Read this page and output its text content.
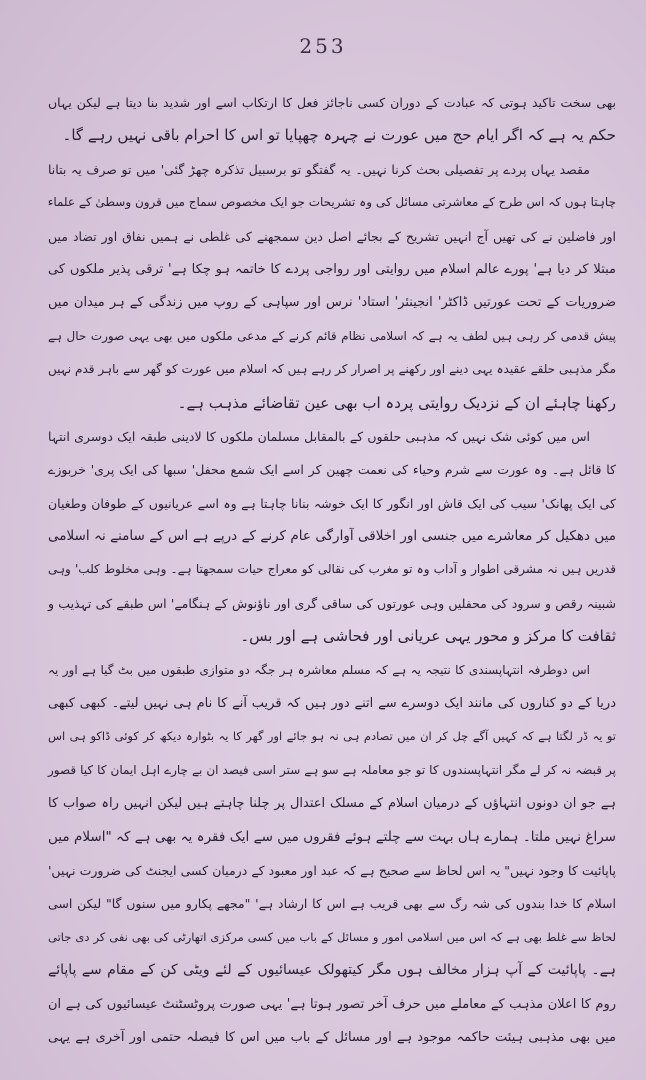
253
بھی سخت تاکید ہوتی کہ عبادت کے دوران کسی ناجائز فعل کا ارتکاب اسے اور شدید بنا دیتا ہے لیکن یہاں
حکم یہ ہے کہ اگر ایام حج میں عورت نے چہرہ چھپایا تو اس کا احرام باقی نہیں رہے گا۔
مقصد یہاں پردے پر تفصیلی بحث کرنا نہیں۔ یہ گفتگو تو برسبیل تذکرہ چھڑ گئی' میں تو صرف یہ بتانا
چاہتا ہوں کہ اس طرح کے معاشرتی مسائل کی وہ تشریحات جو ایک مخصوص سماج میں قرون وسطیٰ کے علماء
اور فاضلین نے کی تھیں آج انہیں تشریح کے بجائے اصل دین سمجھنے کی غلطی نے ہمیں نفاق اور تضاد میں
مبتلا کر دیا ہے' پورے عالم اسلام میں روایتی اور رواجی پردے کا خاتمہ ہو چکا ہے' ترقی پذیر ملکوں کی
ضروریات کے تحت عورتیں ڈاکٹر' انجینئر' استاد' نرس اور سپاہی کے روپ میں زندگی کے ہر میدان میں
پیش قدمی کر رہی ہیں لطف یہ ہے کہ اسلامی نظام قائم کرنے کے مدعی ملکوں میں بھی یہی صورت حال ہے
مگر مذہبی حلقے عقیدہ یہی دینے اور رکھنے پر اصرار کر رہے ہیں کہ اسلام میں عورت کو گھر سے باہر قدم نہیں
رکھنا چاہئے ان کے نزدیک روایتی پردہ اب بھی عین تقاضائے مذہب ہے۔
اس میں کوئی شک نہیں کہ مذہبی حلقوں کے بالمقابل مسلمان ملکوں کا لادینی طبقہ ایک دوسری انتہا
کا قائل ہے۔ وہ عورت سے شرم وحیاء کی نعمت چھین کر اسے ایک شمع محفل' سبھا کی ایک پری' خربوزے
کی ایک پھانک' سیب کی ایک قاش اور انگور کا ایک خوشہ بنانا چاہتا ہے وہ اسے عریانیوں کے طوفان وطغیان
میں دھکیل کر معاشرے میں جنسی اور اخلاقی آوارگی عام کرنے کے درپے ہے اس کے سامنے نہ اسلامی
قدریں ہیں نہ مشرقی اطوار و آداب وہ تو مغرب کی نقالی کو معراج حیات سمجھتا ہے۔ وہی مخلوط کلب' وہی
شبینہ رقص و سرود کی محفلیں وہی عورتوں کی ساقی گری اور ناؤنوش کے ہنگامے' اس طبقے کی تہذیب و
ثقافت کا مرکز و محور یہی عریانی اور فحاشی ہے اور بس۔
اس دوطرفہ انتہاپسندی کا نتیجہ یہ ہے کہ مسلم معاشرہ ہر جگہ دو متوازی طبقوں میں بٹ گیا ہے اور یہ
دریا کے دو کناروں کی مانند ایک دوسرے سے اتنے دور ہیں کہ قریب آنے کا نام ہی نہیں لیتے۔ کبھی کبھی
تو یہ ڈر لگتا ہے کہ کہیں آگے چل کر ان میں تصادم ہی نہ ہو جائے اور گھر کا یہ بٹوارہ دیکھ کر کوئی ڈاکو ہی اس
پر قبضہ نہ کر لے مگر انتہاپسندوں کا تو جو معاملہ ہے سو ہے ستر اسی فیصد ان بے چارے اہل ایمان کا کیا قصور
ہے جو ان دونوں انتہاؤں کے درمیان اسلام کے مسلک اعتدال پر چلنا چاہتے ہیں لیکن انہیں راہ صواب کا
سراغ نہیں ملتا۔ ہمارے ہاں بہت سے چلتے ہوئے فقروں میں سے ایک فقرہ یہ بھی ہے کہ "اسلام میں
پاپائیت کا وجود نہیں" یہ اس لحاظ سے صحیح ہے کہ عبد اور معبود کے درمیان کسی ایجنٹ کی ضرورت نہیں'
اسلام کا خدا بندوں کی شہ رگ سے بھی قریب ہے اس کا ارشاد ہے' "مجھے پکارو میں سنوں گا" لیکن اسی
لحاظ سے غلط بھی ہے کہ اس میں اسلامی امور و مسائل کے باب میں کسی مرکزی اتھارٹی کی بھی نفی کر دی جاتی
ہے۔ پاپائیت کے آپ ہزار مخالف ہوں مگر کیتھولک عیسائیوں کے لئے ویٹی کن کے مقام سے پاپائے
روم کا اعلان مذہب کے معاملے میں حرف آخر تصور ہوتا ہے' یہی صورت پروٹسٹنٹ عیسائیوں کی ہے ان
میں بھی مذہبی ہیئت حاکمہ موجود ہے اور مسائل کے باب میں اس کا فیصلہ حتمی اور آخری ہے یہی
